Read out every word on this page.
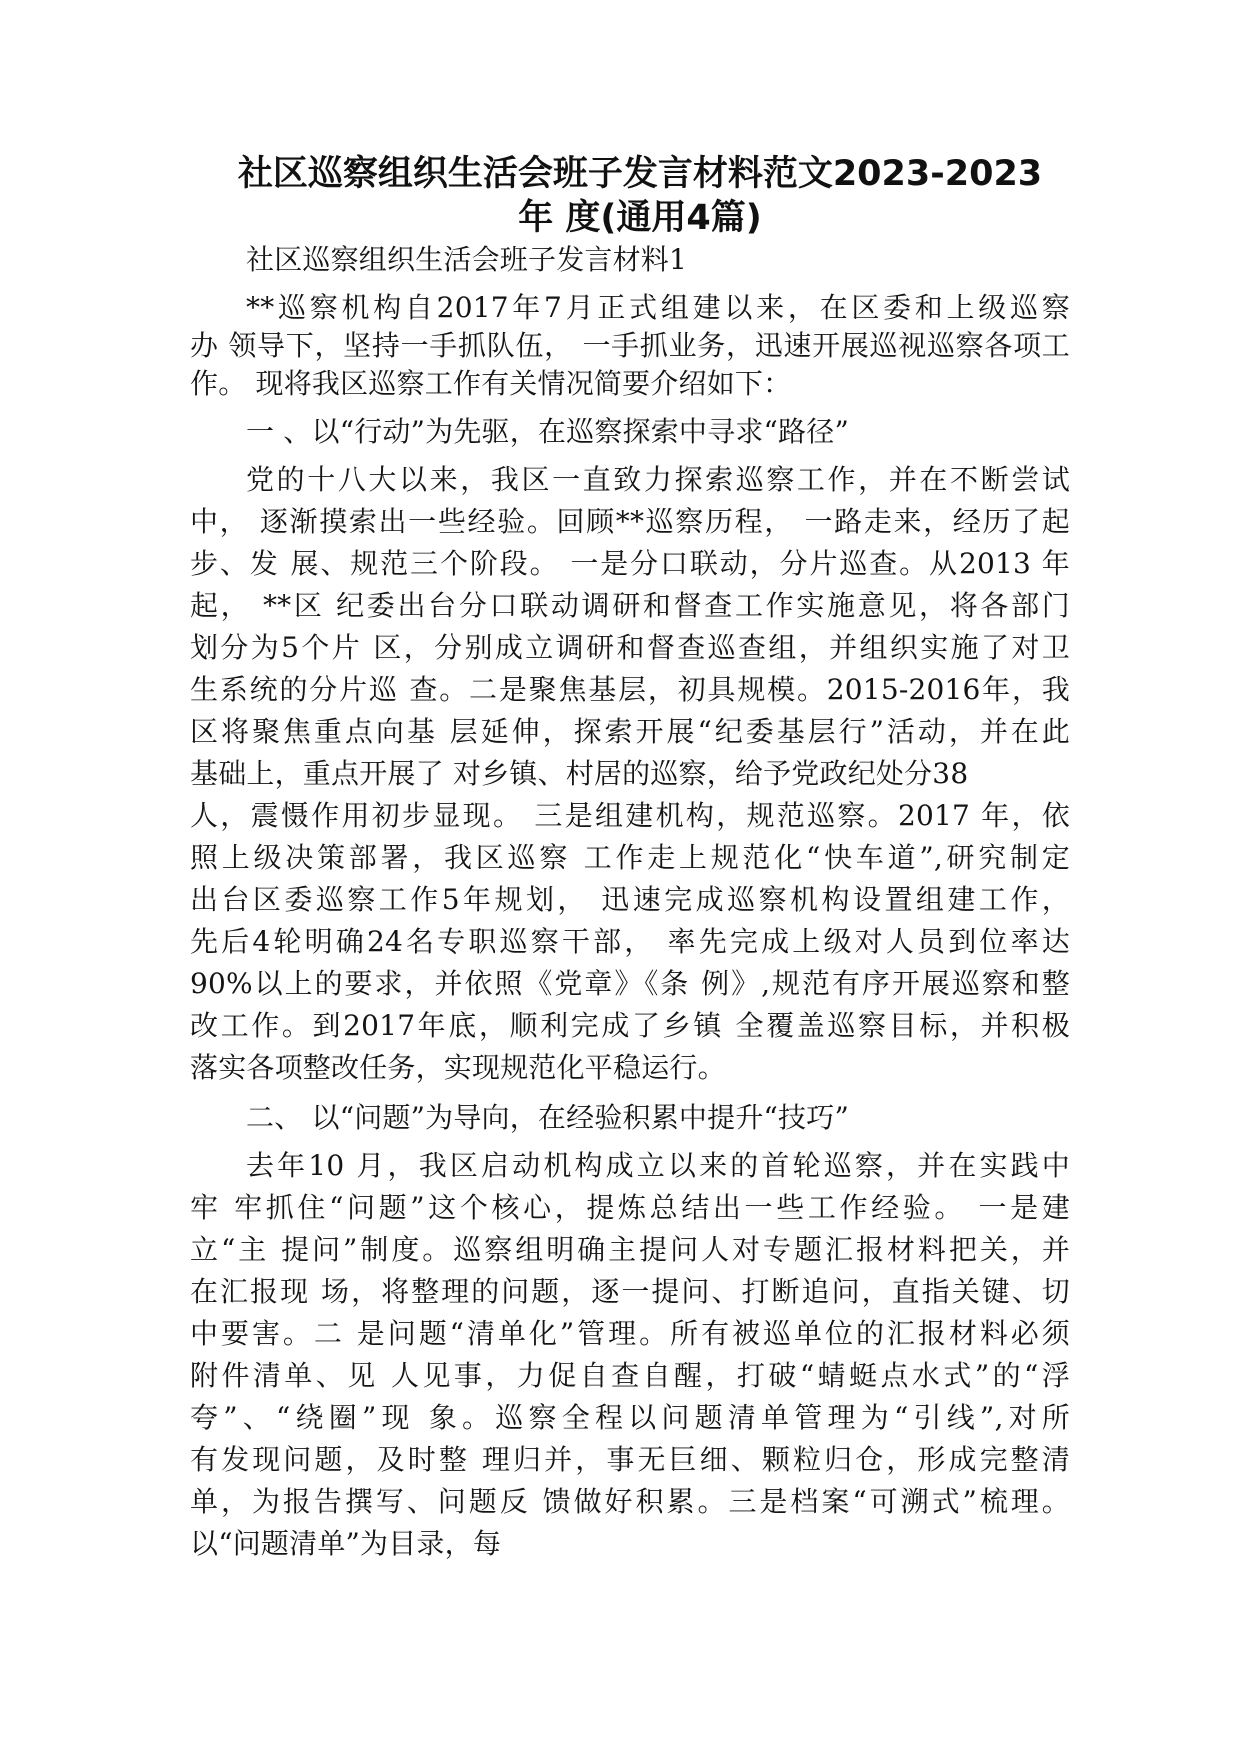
社区巡察组织生活会班子发言材料范文2023-2023
年 度(通用4篇)
社区巡察组织生活会班子发言材料1
**巡察机构自2017年7月正式组建以来，在区委和上级巡察
办 领导下，坚持一手抓队伍， 一手抓业务，迅速开展巡视巡察各项工
作。 现将我区巡察工作有关情况简要介绍如下：
一 、以“行动”为先驱，在巡察探索中寻求“路径”
党的十八大以来，我区一直致力探索巡察工作，并在不断尝试
中， 逐渐摸索出一些经验。回顾**巡察历程， 一路走来，经历了起
步、发 展、规范三个阶段。 一是分口联动，分片巡查。从2013 年
起， **区 纪委出台分口联动调研和督查工作实施意见，将各部门
划分为5个片 区，分别成立调研和督查巡查组，并组织实施了对卫
生系统的分片巡 查。二是聚焦基层，初具规模。2015-2016年，我
区将聚焦重点向基 层延伸，探索开展“纪委基层行”活动，并在此
基础上，重点开展了 对乡镇、村居的巡察，给予党政纪处分38
人，震慑作用初步显现。 三是组建机构，规范巡察。2017 年，依
照上级决策部署，我区巡察 工作走上规范化“快车道”,研究制定
出台区委巡察工作5年规划， 迅速完成巡察机构设置组建工作，
先后4轮明确24名专职巡察干部， 率先完成上级对人员到位率达
90%以上的要求，并依照《党章》《条 例》,规范有序开展巡察和整
改工作。到2017年底，顺利完成了乡镇 全覆盖巡察目标，并积极
落实各项整改任务，实现规范化平稳运行。
二、 以“问题”为导向，在经验积累中提升“技巧”
去年10 月，我区启动机构成立以来的首轮巡察，并在实践中
牢 牢抓住“问题”这个核心，提炼总结出一些工作经验。 一是建
立“主 提问”制度。巡察组明确主提问人对专题汇报材料把关，并
在汇报现 场，将整理的问题，逐一提问、打断追问，直指关键、切
中要害。二 是问题“清单化”管理。所有被巡单位的汇报材料必须
附件清单、见 人见事，力促自查自醒，打破“蜻蜓点水式”的“浮
夸”、“绕圈”现 象。巡察全程以问题清单管理为“引线”,对所
有发现问题，及时整 理归并，事无巨细、颗粒归仓，形成完整清
单，为报告撰写、问题反 馈做好积累。三是档案“可溯式”梳理。
以“问题清单”为目录，每
